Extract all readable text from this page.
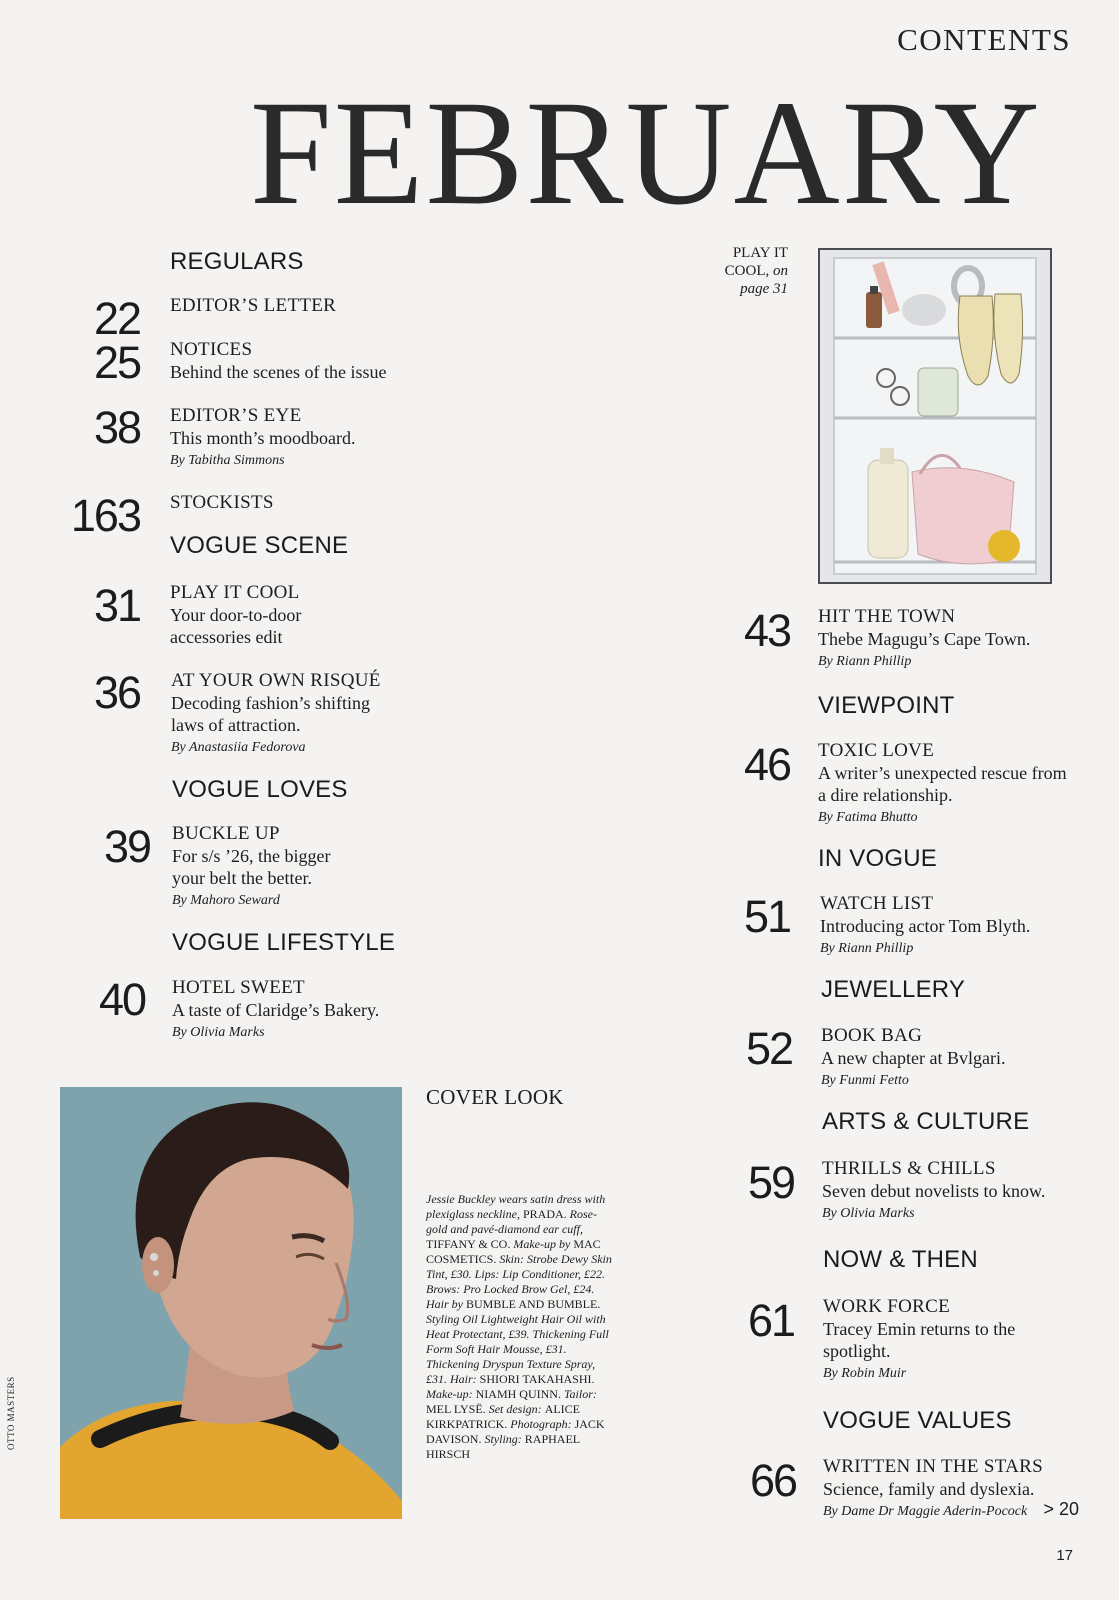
CONTENTS
FEBRUARY
REGULARS
22 EDITOR’S LETTER
25 NOTICES
Behind the scenes of the issue
38 EDITOR’S EYE
This month’s moodboard.
By Tabitha Simmons
163 STOCKISTS
VOGUE SCENE
31 PLAY IT COOL
Your door-to-door accessories edit
36 AT YOUR OWN RISQUÉ
Decoding fashion’s shifting laws of attraction.
By Anastasiia Fedorova
VOGUE LOVES
39 BUCKLE UP
For s/s ’26, the bigger your belt the better.
By Mahoro Seward
VOGUE LIFESTYLE
40 HOTEL SWEET
A taste of Claridge’s Bakery.
By Olivia Marks
PLAY IT
COOL, on
page 31
43 HIT THE TOWN
Thebe Magugu’s Cape Town.
By Riann Phillip
VIEWPOINT
46 TOXIC LOVE
A writer’s unexpected rescue from a dire relationship.
By Fatima Bhutto
IN VOGUE
51 WATCH LIST
Introducing actor Tom Blyth.
By Riann Phillip
JEWELLERY
52 BOOK BAG
A new chapter at Bvlgari.
By Funmi Fetto
ARTS & CULTURE
59 THRILLS & CHILLS
Seven debut novelists to know.
By Olivia Marks
NOW & THEN
61 WORK FORCE
Tracey Emin returns to the spotlight.
By Robin Muir
VOGUE VALUES
66 WRITTEN IN THE STARS
Science, family and dyslexia.
By Dame Dr Maggie Aderin-Pocock
COVER LOOK
Jessie Buckley wears satin dress with plexiglass neckline, PRADA. Rose-gold and pavé-diamond ear cuff, TIFFANY & CO. Make-up by MAC COSMETICS. Skin: Strobe Dewy Skin Tint, £30. Lips: Lip Conditioner, £22. Brows: Pro Locked Brow Gel, £24. Hair by BUMBLE AND BUMBLE. Styling Oil Lightweight Hair Oil with Heat Protectant, £39. Thickening Full Form Soft Hair Mousse, £31. Thickening Dryspun Texture Spray, £31. Hair: SHIORI TAKAHASHI. Make-up: NIAMH QUINN. Tailor: MEL LYSË. Set design: ALICE KIRKPATRICK. Photograph: JACK DAVISON. Styling: RAPHAEL HIRSCH
OTTO MASTERS
> 20
17
